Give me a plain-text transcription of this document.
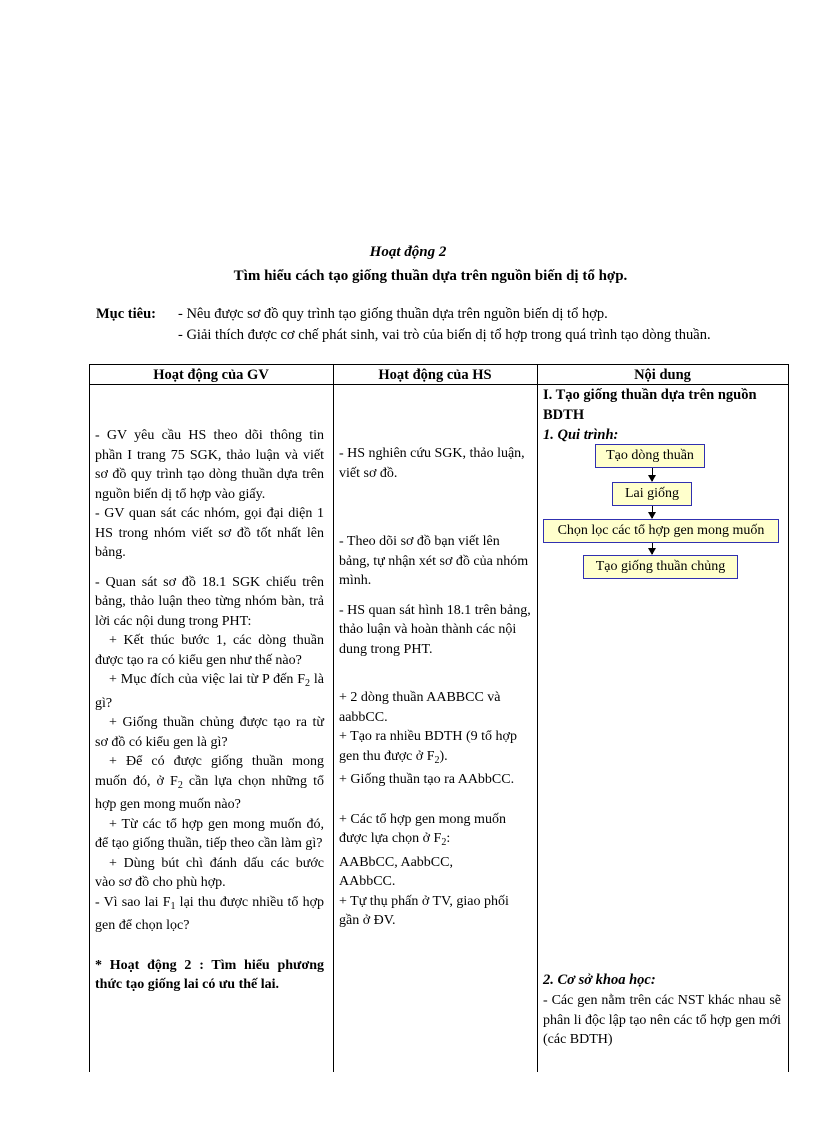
Hoạt động 2
Tìm hiểu cách tạo giống thuần dựa trên nguồn biến dị tổ hợp.
Mục tiêu: - Nêu được sơ đồ quy trình tạo giống thuần dựa trên nguồn biến dị tổ hợp.
- Giải thích được cơ chế phát sinh, vai trò của biến dị tổ hợp trong quá trình tạo dòng thuần.
Hoạt động của GV	Hoạt động của HS	Nội dung

- GV yêu cầu HS theo dõi thông tin phần I trang 75 SGK, thảo luận và viết sơ đồ quy trình tạo dòng thuần dựa trên nguồn biến dị tổ hợp vào giấy.

- GV quan sát các nhóm, gọi đại diện 1 HS trong nhóm viết sơ đồ tốt nhất lên bảng.

- Quan sát sơ đồ 18.1 SGK chiếu trên bảng, thảo luận theo từng nhóm bàn, trả lời các nội dung trong PHT:

+ Kết thúc bước 1, các dòng thuần được tạo ra có kiểu gen như thế nào?

+ Mục đích của việc lai từ P đến $F_2$ là gì?

+ Giống thuần chủng được tạo ra từ sơ đồ có kiểu gen là gì?

+ Để có được giống thuần mong muốn đó, ở $F_2$ cần lựa chọn những tổ hợp gen mong muốn nào?

+ Từ các tổ hợp gen mong muốn đó, để tạo giống thuần, tiếp theo cần làm gì?

+ Dùng bút chì đánh dấu các bước vào sơ đồ cho phù hợp.

- Vì sao lai $F_1$ lại thu được nhiều tổ hợp gen để chọn lọc?

* Hoạt động 2 : Tìm hiểu phương thức tạo giống lai có ưu thế lai.

- HS nghiên cứu SGK, thảo luận, viết sơ đồ.

- Theo dõi sơ đồ bạn viết lên bảng, tự nhận xét sơ đồ của nhóm mình.

- HS quan sát hình 18.1 trên bảng, thảo luận và hoàn thành các nội dung trong PHT.

+ 2 dòng thuần AABBCC và aabbCC.

+ Tạo ra nhiều BDTH (9 tổ hợp gen thu được ở $F_2$).

+ Giống thuần tạo ra AAbbCC.

+ Các tổ hợp gen mong muốn được lựa chọn ở $F_2$:
AABbCC, AabbCC,
AAbbCC.

+ Tự thụ phấn ở TV, giao phối gần ở ĐV.

I. Tạo giống thuần dựa trên nguồn BDTH
1. Qui trình:
Tạo dòng thuần
Lai giống
Chọn lọc các tổ hợp gen mong muốn
Tạo giống thuần chủng
2. Cơ sở khoa học:
- Các gen nằm trên các NST khác nhau sẽ phân li độc lập tạo nên các tổ hợp gen mới (các BDTH)
